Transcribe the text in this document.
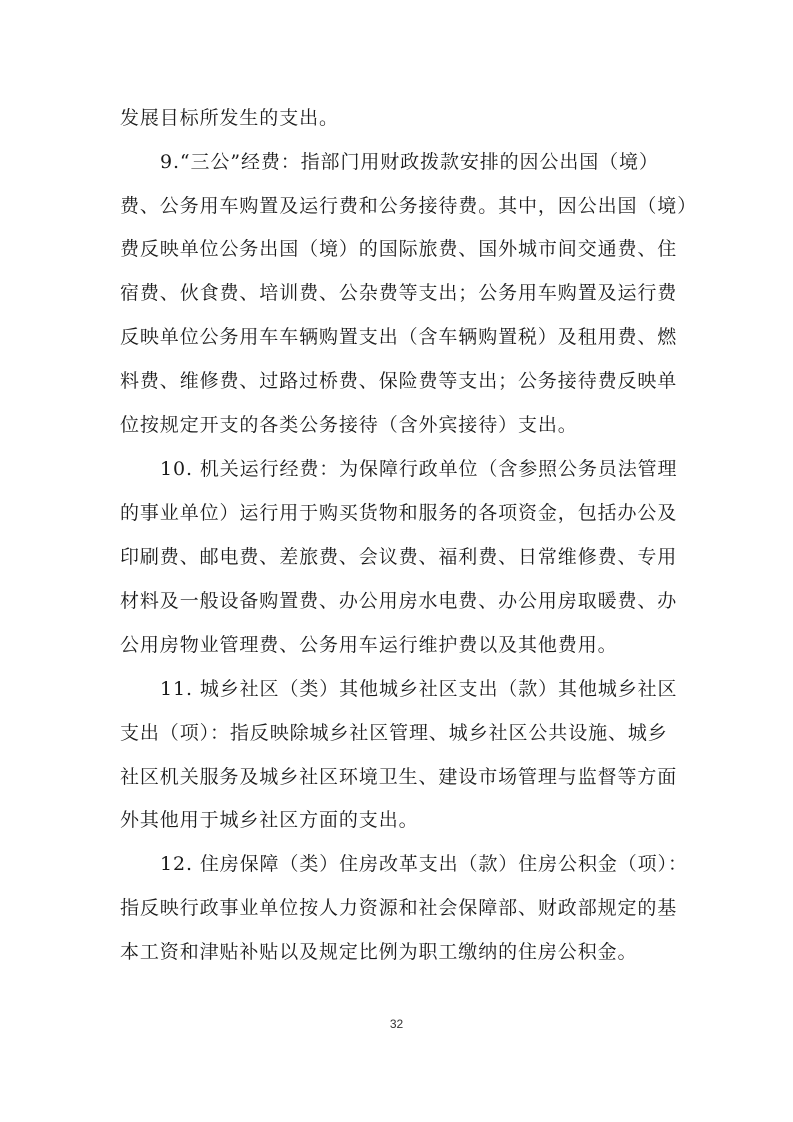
发展目标所发生的支出。
9.“三公”经费：指部门用财政拨款安排的因公出国（境）
费、公务用车购置及运行费和公务接待费。其中，因公出国（境）
费反映单位公务出国（境）的国际旅费、国外城市间交通费、住
宿费、伙食费、培训费、公杂费等支出；公务用车购置及运行费
反映单位公务用车车辆购置支出（含车辆购置税）及租用费、燃
料费、维修费、过路过桥费、保险费等支出；公务接待费反映单
位按规定开支的各类公务接待（含外宾接待）支出。
10. 机关运行经费：为保障行政单位（含参照公务员法管理
的事业单位）运行用于购买货物和服务的各项资金，包括办公及
印刷费、邮电费、差旅费、会议费、福利费、日常维修费、专用
材料及一般设备购置费、办公用房水电费、办公用房取暖费、办
公用房物业管理费、公务用车运行维护费以及其他费用。
11. 城乡社区（类）其他城乡社区支出（款）其他城乡社区
支出（项）：指反映除城乡社区管理、城乡社区公共设施、城乡
社区机关服务及城乡社区环境卫生、建设市场管理与监督等方面
外其他用于城乡社区方面的支出。
12. 住房保障（类）住房改革支出（款）住房公积金（项）：
指反映行政事业单位按人力资源和社会保障部、财政部规定的基
本工资和津贴补贴以及规定比例为职工缴纳的住房公积金。
32
